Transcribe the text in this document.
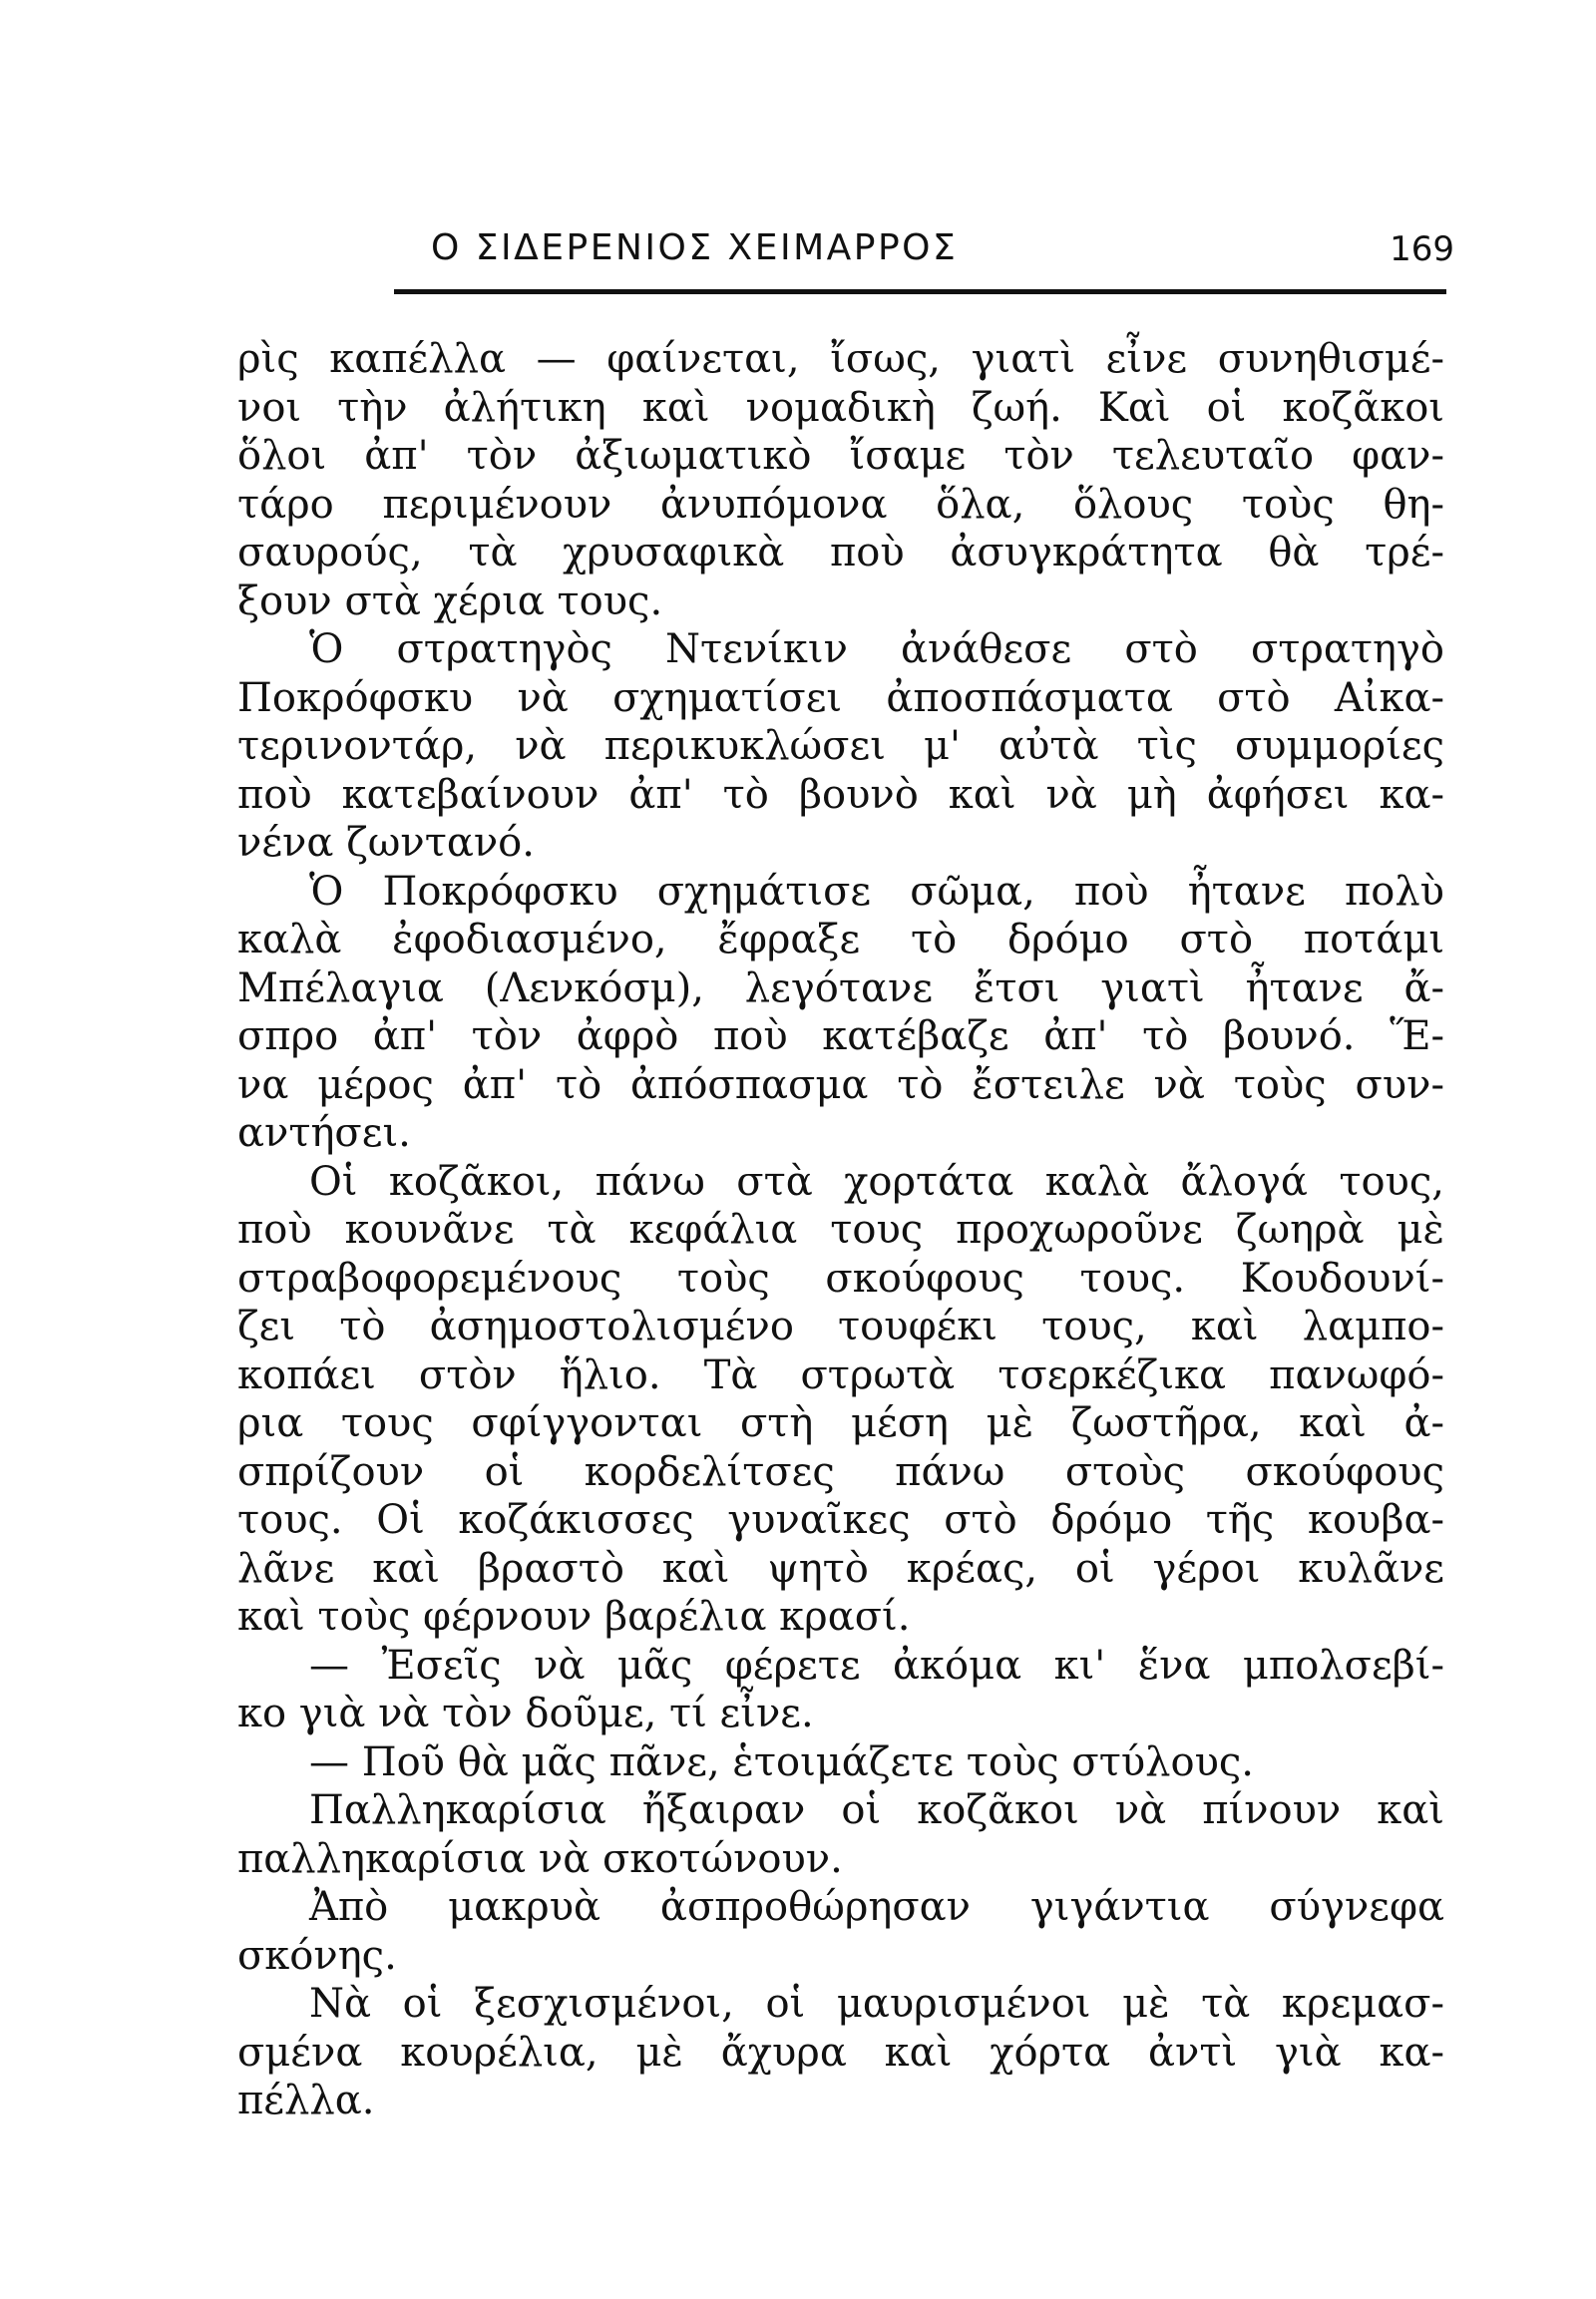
Ο ΣΙΔΕΡΕΝΙΟΣ ΧΕΙΜΑΡΡΟΣ	169
ρὶς καπέλλα — φαίνεται, ἴσως, γιατὶ εἶνε συνηθισμέ-
νοι τὴν ἀλήτικη καὶ νομαδικὴ ζωή. Καὶ οἱ κοζᾶκοι
ὅλοι ἀπ' τὸν ἀξιωματικὸ ἴσαμε τὸν τελευταῖο φαν-
τάρο περιμένουν ἀνυπόμονα ὅλα, ὅλους τοὺς θη-
σαυρούς, τὰ χρυσαφικὰ ποὺ ἀσυγκράτητα θὰ τρέ-
ξουν στὰ χέρια τους.
Ὁ στρατηγὸς Ντενίκιν ἀνάθεσε στὸ στρατηγὸ
Ποκρόφσκυ νὰ σχηματίσει ἀποσπάσματα στὸ Αἰκα-
τερινοντάρ, νὰ περικυκλώσει μ' αὐτὰ τὶς συμμορίες
ποὺ κατεβαίνουν ἀπ' τὸ βουνὸ καὶ νὰ μὴ ἀφήσει κα-
νένα ζωντανό.
Ὁ Ποκρόφσκυ σχημάτισε σῶμα, ποὺ ἦτανε πολὺ
καλὰ ἐφοδιασμένο, ἔφραξε τὸ δρόμο στὸ ποτάμι
Μπέλαγια (Λενκόσμ), λεγότανε ἔτσι γιατὶ ἦτανε ἄ-
σπρο ἀπ' τὸν ἀφρὸ ποὺ κατέβαζε ἀπ' τὸ βουνό. Ἕ-
να μέρος ἀπ' τὸ ἀπόσπασμα τὸ ἔστειλε νὰ τοὺς συν-
αντήσει.
Οἱ κοζᾶκοι, πάνω στὰ χορτάτα καλὰ ἄλογά τους,
ποὺ κουνᾶνε τὰ κεφάλια τους προχωροῦνε ζωηρὰ μὲ
στραβοφορεμένους τοὺς σκούφους τους. Κουδουνί-
ζει τὸ ἀσημοστολισμένο τουφέκι τους, καὶ λαμπο-
κοπάει στὸν ἥλιο. Τὰ στρωτὰ τσερκέζικα πανωφό-
ρια τους σφίγγονται στὴ μέση μὲ ζωστῆρα, καὶ ἀ-
σπρίζουν οἱ κορδελίτσες πάνω στοὺς σκούφους
τους. Οἱ κοζάκισσες γυναῖκες στὸ δρόμο τῆς κουβα-
λᾶνε καὶ βραστὸ καὶ ψητὸ κρέας, οἱ γέροι κυλᾶνε
καὶ τοὺς φέρνουν βαρέλια κρασί.
— Ἐσεῖς νὰ μᾶς φέρετε ἀκόμα κι' ἕνα μπολσεβί-
κο γιὰ νὰ τὸν δοῦμε, τί εἶνε.
— Ποῦ θὰ μᾶς πᾶνε, ἑτοιμάζετε τοὺς στύλους.
Παλληκαρίσια ἤξαιραν οἱ κοζᾶκοι νὰ πίνουν καὶ
παλληκαρίσια νὰ σκοτώνουν.
Ἀπὸ μακρυὰ ἀσπροθώρησαν γιγάντια σύγνεφα
σκόνης.
Νὰ οἱ ξεσχισμένοι, οἱ μαυρισμένοι μὲ τὰ κρεμασ-
σμένα κουρέλια, μὲ ἄχυρα καὶ χόρτα ἀντὶ γιὰ κα-
πέλλα.
